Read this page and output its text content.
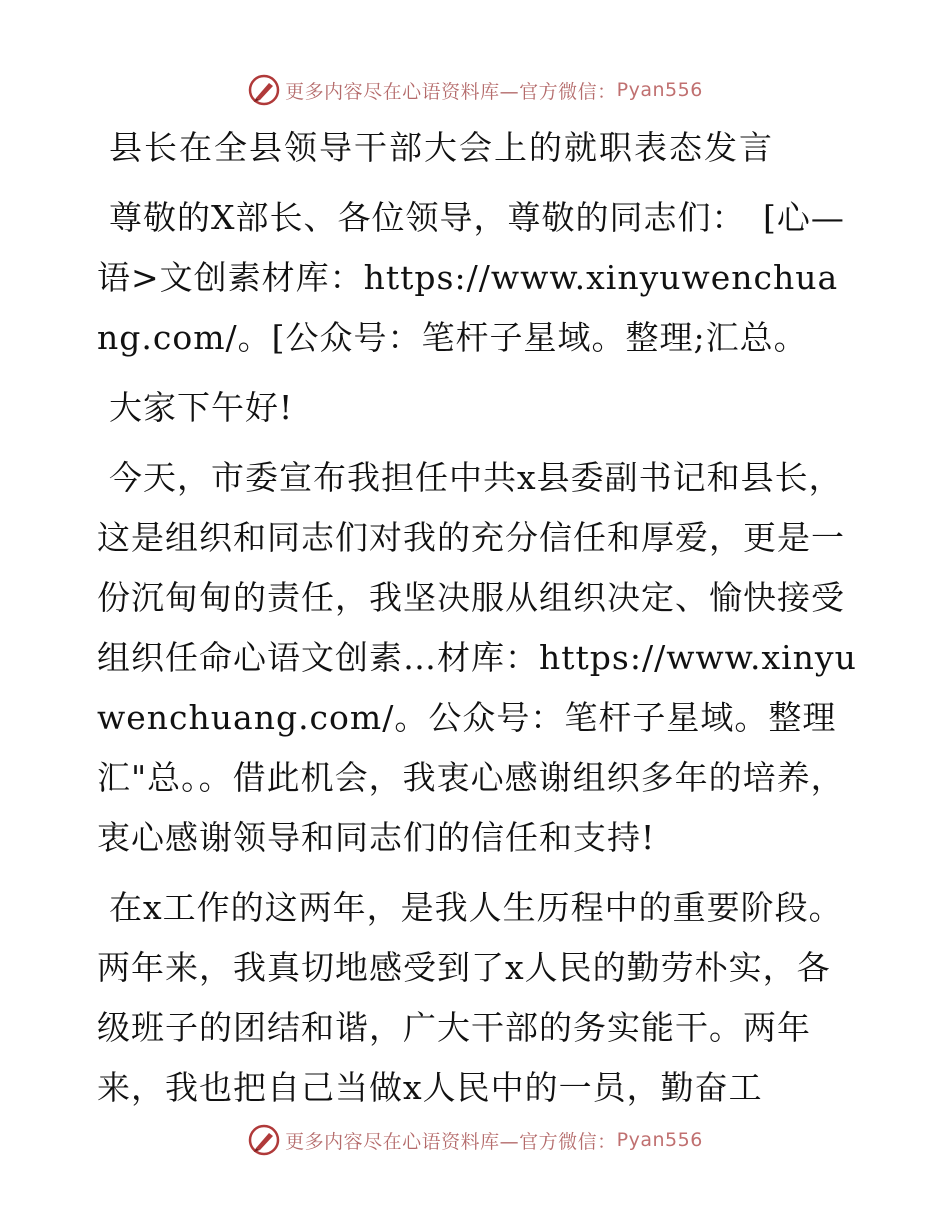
更多内容尽在心语资料库—官方微信： Pyan556
县长在全县领导干部大会上的就职表态发言

尊敬的X部长、各位领导，尊敬的同志们：　[心—语>文创素材库：https://www.xinyuwenchuang.com/。[公众号：笔杆子星域。整理;汇总。

大家下午好!

今天，市委宣布我担任中共x县委副书记和县长，这是组织和同志们对我的充分信任和厚爱，更是一份沉甸甸的责任，我坚决服从组织决定、愉快接受组织任命心语文创素…材库：https://www.xinyuwenchuang.com/。公众号：笔杆子星域。整理汇"总。。借此机会，我衷心感谢组织多年的培养，衷心感谢领导和同志们的信任和支持!

在x工作的这两年，是我人生历程中的重要阶段。两年来，我真切地感受到了x人民的勤劳朴实，各级班子的团结和谐，广大干部的务实能干。两年来，我也把自己当做x人民中的一员，勤奋工

更多内容尽在心语资料库—官方微信： Pyan556
